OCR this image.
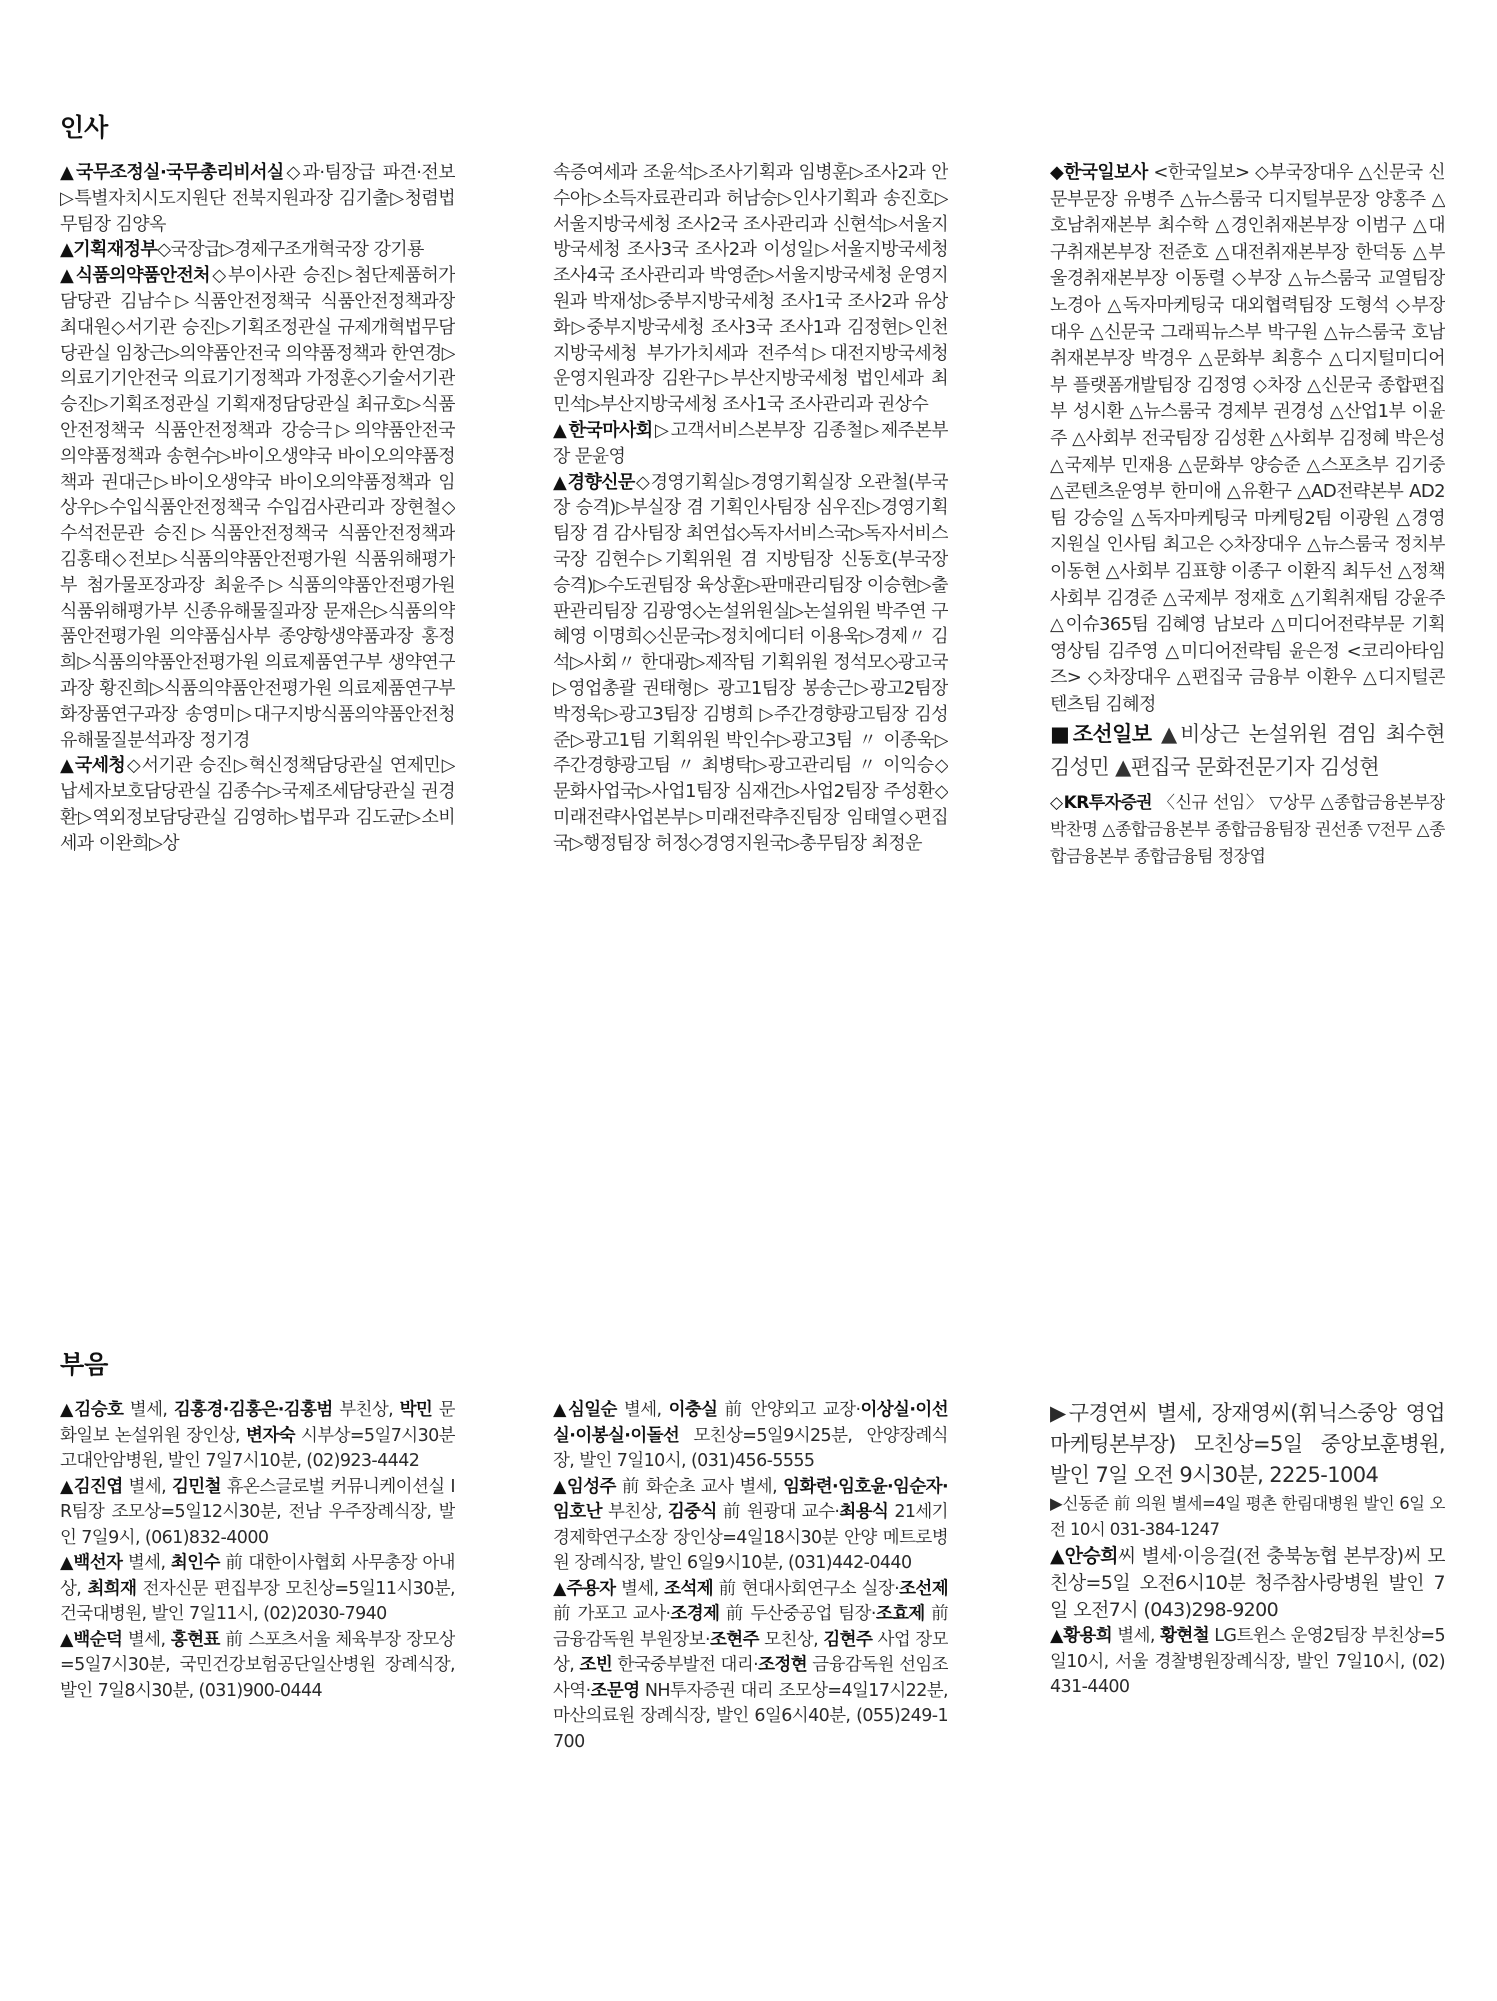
인사

▲국무조정실·국무총리비서실◇과·팀장급 파견·전보▷특별자치시도지원단 전북지원과장 김기출▷청렴법무팀장 김양옥

▲기획재정부◇국장급▷경제구조개혁국장 강기룡

▲식품의약품안전처◇부이사관 승진▷첨단제품허가담당관 김남수▷식품안전정책국 식품안전정책과장 최대원◇서기관 승진▷기획조정관실 규제개혁법무담당관실 임창근▷의약품안전국 의약품정책과 한연경▷의료기기안전국 의료기기정책과 가정훈◇기술서기관 승진▷기획조정관실 기획재정담당관실 최규호▷식품안전정책국 식품안전정책과 강승극▷의약품안전국 의약품정책과 송현수▷바이오생약국 바이오의약품정책과 권대근▷바이오생약국 바이오의약품정책과 임상우▷수입식품안전정책국 수입검사관리과 장현철◇수석전문관 승진▷식품안전정책국 식품안전정책과 김홍태◇전보▷식품의약품안전평가원 식품위해평가부 첨가물포장과장 최윤주▷식품의약품안전평가원 식품위해평가부 신종유해물질과장 문재은▷식품의약품안전평가원 의약품심사부 종양항생약품과장 홍정희▷식품의약품안전평가원 의료제품연구부 생약연구과장 황진희▷식품의약품안전평가원 의료제품연구부 화장품연구과장 송영미▷대구지방식품의약품안전청 유해물질분석과장 정기경

▲국세청◇서기관 승진▷혁신정책담당관실 연제민▷납세자보호담당관실 김종수▷국제조세담당관실 권경환▷역외정보담당관실 김영하▷법무과 김도균▷소비세과 이완희▷상

속증여세과 조윤석▷조사기획과 임병훈▷조사2과 안수아▷소득자료관리과 허남승▷인사기획과 송진호▷서울지방국세청 조사2국 조사관리과 신현석▷서울지방국세청 조사3국 조사2과 이성일▷서울지방국세청 조사4국 조사관리과 박영준▷서울지방국세청 운영지원과 박재성▷중부지방국세청 조사1국 조사2과 유상화▷중부지방국세청 조사3국 조사1과 김정현▷인천지방국세청 부가가치세과 전주석▷대전지방국세청 운영지원과장 김완구▷부산지방국세청 법인세과 최민석▷부산지방국세청 조사1국 조사관리과 권상수

▲한국마사회▷고객서비스본부장 김종철▷제주본부장 문윤영

▲경향신문◇경영기획실▷경영기획실장 오관철(부국장 승격)▷부실장 겸 기획인사팀장 심우진▷경영기획팀장 겸 감사팀장 최연섭◇독자서비스국▷독자서비스국장 김현수▷기획위원 겸 지방팀장 신동호(부국장 승격)▷수도권팀장 육상훈▷판매관리팀장 이승현▷출판관리팀장 김광영◇논설위원실▷논설위원 박주연 구혜영 이명희◇신문국▷정치에디터 이용욱▷경제〃 김석▷사회〃 한대광▷제작팀 기획위원 정석모◇광고국▷영업총괄 권태형▷ 광고1팀장 봉송근▷광고2팀장 박정욱▷광고3팀장 김병희 ▷주간경향광고팀장 김성준▷광고1팀 기획위원 박인수▷광고3팀 〃 이종욱▷주간경향광고팀 〃 최병탁▷광고관리팀 〃 이익승◇문화사업국▷사업1팀장 심재건▷사업2팀장 주성환◇미래전략사업본부▷미래전략추진팀장 임태열◇편집국▷행정팀장 허정◇경영지원국▷총무팀장 최정운

◆한국일보사 <한국일보> ◇부국장대우 △신문국 신문부문장 유병주 △뉴스룸국 디지털부문장 양홍주 △호남취재본부 최수학 △경인취재본부장 이범구 △대구취재본부장 전준호 △대전취재본부장 한덕동 △부울경취재본부장 이동렬 ◇부장 △뉴스룸국 교열팀장 노경아 △독자마케팅국 대외협력팀장 도형석 ◇부장대우 △신문국 그래픽뉴스부 박구원 △뉴스룸국 호남취재본부장 박경우 △문화부 최흥수 △디지털미디어부 플랫폼개발팀장 김정영 ◇차장 △신문국 종합편집부 성시환 △뉴스룸국 경제부 권경성 △산업1부 이윤주 △사회부 전국팀장 김성환 △사회부 김정혜 박은성 △국제부 민재용 △문화부 양승준 △스포츠부 김기중 △콘텐츠운영부 한미애 △유환구 △AD전략본부 AD2팀 강승일 △독자마케팅국 마케팅2팀 이광원 △경영지원실 인사팀 최고은 ◇차장대우 △뉴스룸국 정치부 이동현 △사회부 김표향 이종구 이환직 최두선 △정책사회부 김경준 △국제부 정재호 △기획취재팀 강윤주 △이슈365팀 김혜영 남보라 △미디어전략부문 기획영상팀 김주영 △미디어전략팀 윤은정 <코리아타임즈> ◇차장대우 △편집국 금융부 이환우 △디지털콘텐츠팀 김혜정

■조선일보 ▲비상근 논설위원 겸임 최수현 김성민 ▲편집국 문화전문기자 김성현

◇KR투자증권 〈신규 선임〉 ▽상무 △종합금융본부장 박찬명 △종합금융본부 종합금융팀장 권선종 ▽전무 △종합금융본부 종합금융팀 정장엽

부음

▲김승호 별세, 김홍경·김홍은·김홍범 부친상, 박민 문화일보 논설위원 장인상, 변자숙 시부상=5일7시30분 고대안암병원, 발인 7일7시10분, (02)923-4442

▲김진엽 별세, 김민철 휴온스글로벌 커뮤니케이션실 IR팀장 조모상=5일12시30분, 전남 우주장례식장, 발인 7일9시, (061)832-4000

▲백선자 별세, 최인수 前 대한이사협회 사무총장 아내상, 최희재 전자신문 편집부장 모친상=5일11시30분, 건국대병원, 발인 7일11시, (02)2030-7940

▲백순덕 별세, 홍현표 前 스포츠서울 체육부장 장모상=5일7시30분, 국민건강보험공단일산병원 장례식장, 발인 7일8시30분, (031)900-0444

▲심일순 별세, 이충실 前 안양외고 교장·이상실·이선실·이봉실·이돌선 모친상=5일9시25분, 안양장례식장, 발인 7일10시, (031)456-5555

▲임성주 前 화순초 교사 별세, 임화련·임호윤·임순자·임호난 부친상, 김중식 前 원광대 교수·최용식 21세기경제학연구소장 장인상=4일18시30분 안양 메트로병원 장례식장, 발인 6일9시10분, (031)442-0440

▲주용자 별세, 조석제 前 현대사회연구소 실장·조선제 前 가포고 교사·조경제 前 두산중공업 팀장·조효제 前 금융감독원 부원장보·조현주 모친상, 김현주 사업 장모상, 조빈 한국중부발전 대리·조정현 금융감독원 선임조사역·조문영 NH투자증권 대리 조모상=4일17시22분, 마산의료원 장례식장, 발인 6일6시40분, (055)249-1700

▶구경연씨 별세, 장재영씨(휘닉스중앙 영업마케팅본부장) 모친상=5일 중앙보훈병원, 발인 7일 오전 9시30분, 2225-1004

▶신동준 前 의원 별세=4일 평촌 한림대병원 발인 6일 오전 10시 031-384-1247

▲안승희씨 별세·이응걸(전 충북농협 본부장)씨 모친상=5일 오전6시10분 청주참사랑병원 발인 7일 오전7시 (043)298-9200

▲황용희 별세, 황현철 LG트윈스 운영2팀장 부친상=5일10시, 서울 경찰병원장례식장, 발인 7일10시, (02)431-4400
